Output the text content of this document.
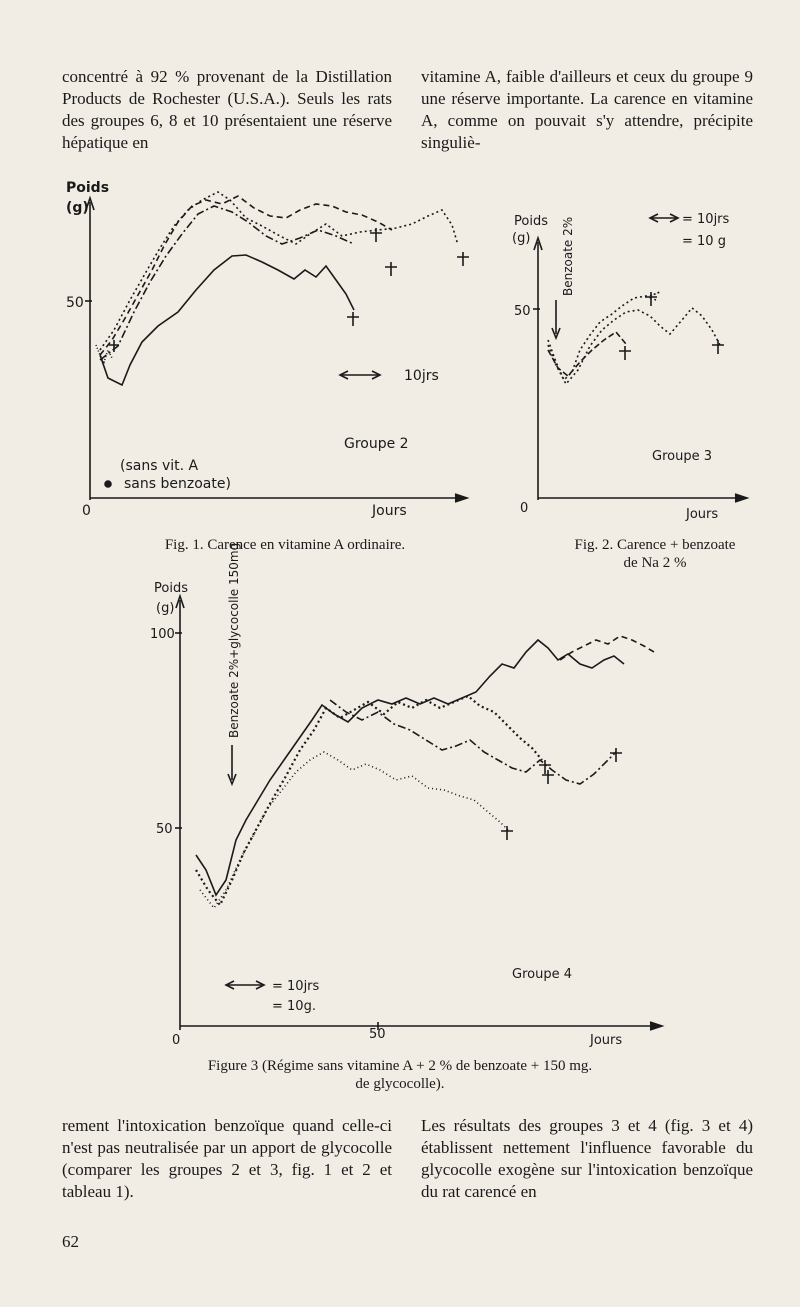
concentré à 92 % provenant de la Distillation Products de Rochester (U.S.A.). Seuls les rats des groupes 6, 8 et 10 présentaient une réserve hépatique en

vitamine A, faible d'ailleurs et ceux du groupe 9 une réserve importante. La carence en vitamine A, comme on pouvait s'y attendre, précipite singuliè-

Poids
(g)
50
0	Jours
10jrs
Groupe 2
(sans vit. A
sans benzoate)
Poids
(g)
50
0	Jours
Benzoate 2%	= 10jrs
= 10 g
Groupe 3
Poids
(g)
100
50
0	50	Jours
Benzoate 2%+glycocolle 150mg
= 10jrs
= 10g.
Groupe 4
Fig. 1. Carence en vitamine A ordinaire.	Fig. 2. Carence + benzoate
de Na 2 %
Figure 3 (Régime sans vitamine A + 2 % de benzoate + 150 mg.
de glycocolle).

rement l'intoxication benzoïque quand celle-ci n'est pas neutralisée par un apport de glycocolle (comparer les groupes 2 et 3, fig. 1 et 2 et tableau 1).

Les résultats des groupes 3 et 4 (fig. 3 et 4) établissent nettement l'influence favorable du glycocolle exogène sur l'intoxication benzoïque du rat carencé en

62
